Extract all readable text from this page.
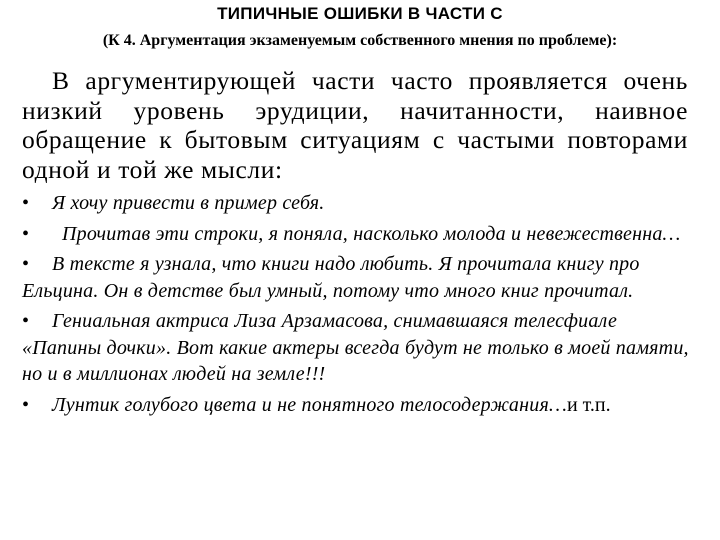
ТИПИЧНЫЕ ОШИБКИ В ЧАСТИ С

(К 4. Аргументация экзаменуемым собственного мнения по проблеме):

В аргументирующей части часто проявляется очень низкий уровень эрудиции, начитанности, наивное обращение к бытовым ситуациям с частыми повторами одной и той же мысли:

• Я хочу привести в пример себя.
• Прочитав эти строки, я поняла, насколько молода и невежественна…
• В тексте я узнала, что книги надо любить. Я прочитала книгу про Ельцина. Он в детстве был умный, потому что много книг прочитал.
• Гениальная актриса Лиза Арзамасова, снимавшаяся телесфиале «Папины дочки». Вот какие актеры всегда будут не только в моей памяти, но и в миллионах людей на земле!!!
• Лунтик голубого цвета и не понятного телосодержания…и т.п.
